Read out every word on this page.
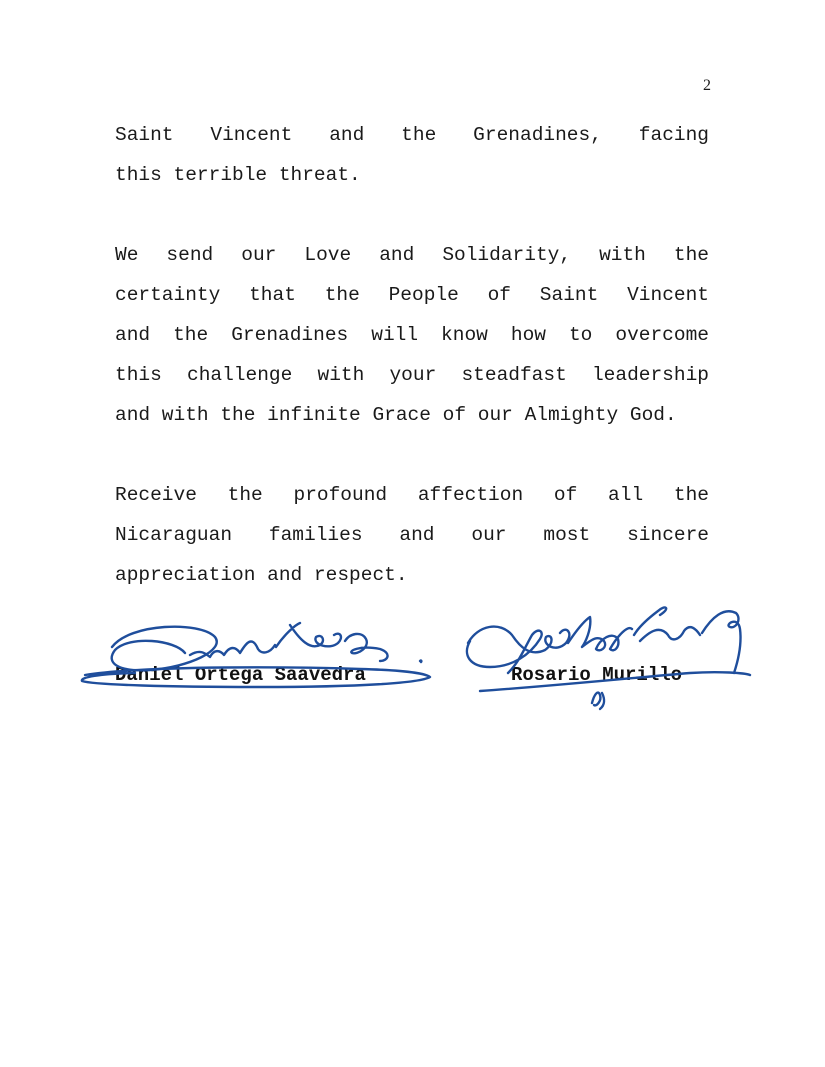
2

Saint Vincent and the Grenadines, facing
this terrible threat.

We send our Love and Solidarity, with the
certainty that the People of Saint Vincent
and the Grenadines will know how to overcome
this challenge with your steadfast leadership
and with the infinite Grace of our Almighty God.

Receive the profound affection of all the
Nicaraguan families and our most sincere
appreciation and respect.

Daniel Ortega Saavedra	Rosario Murillo
